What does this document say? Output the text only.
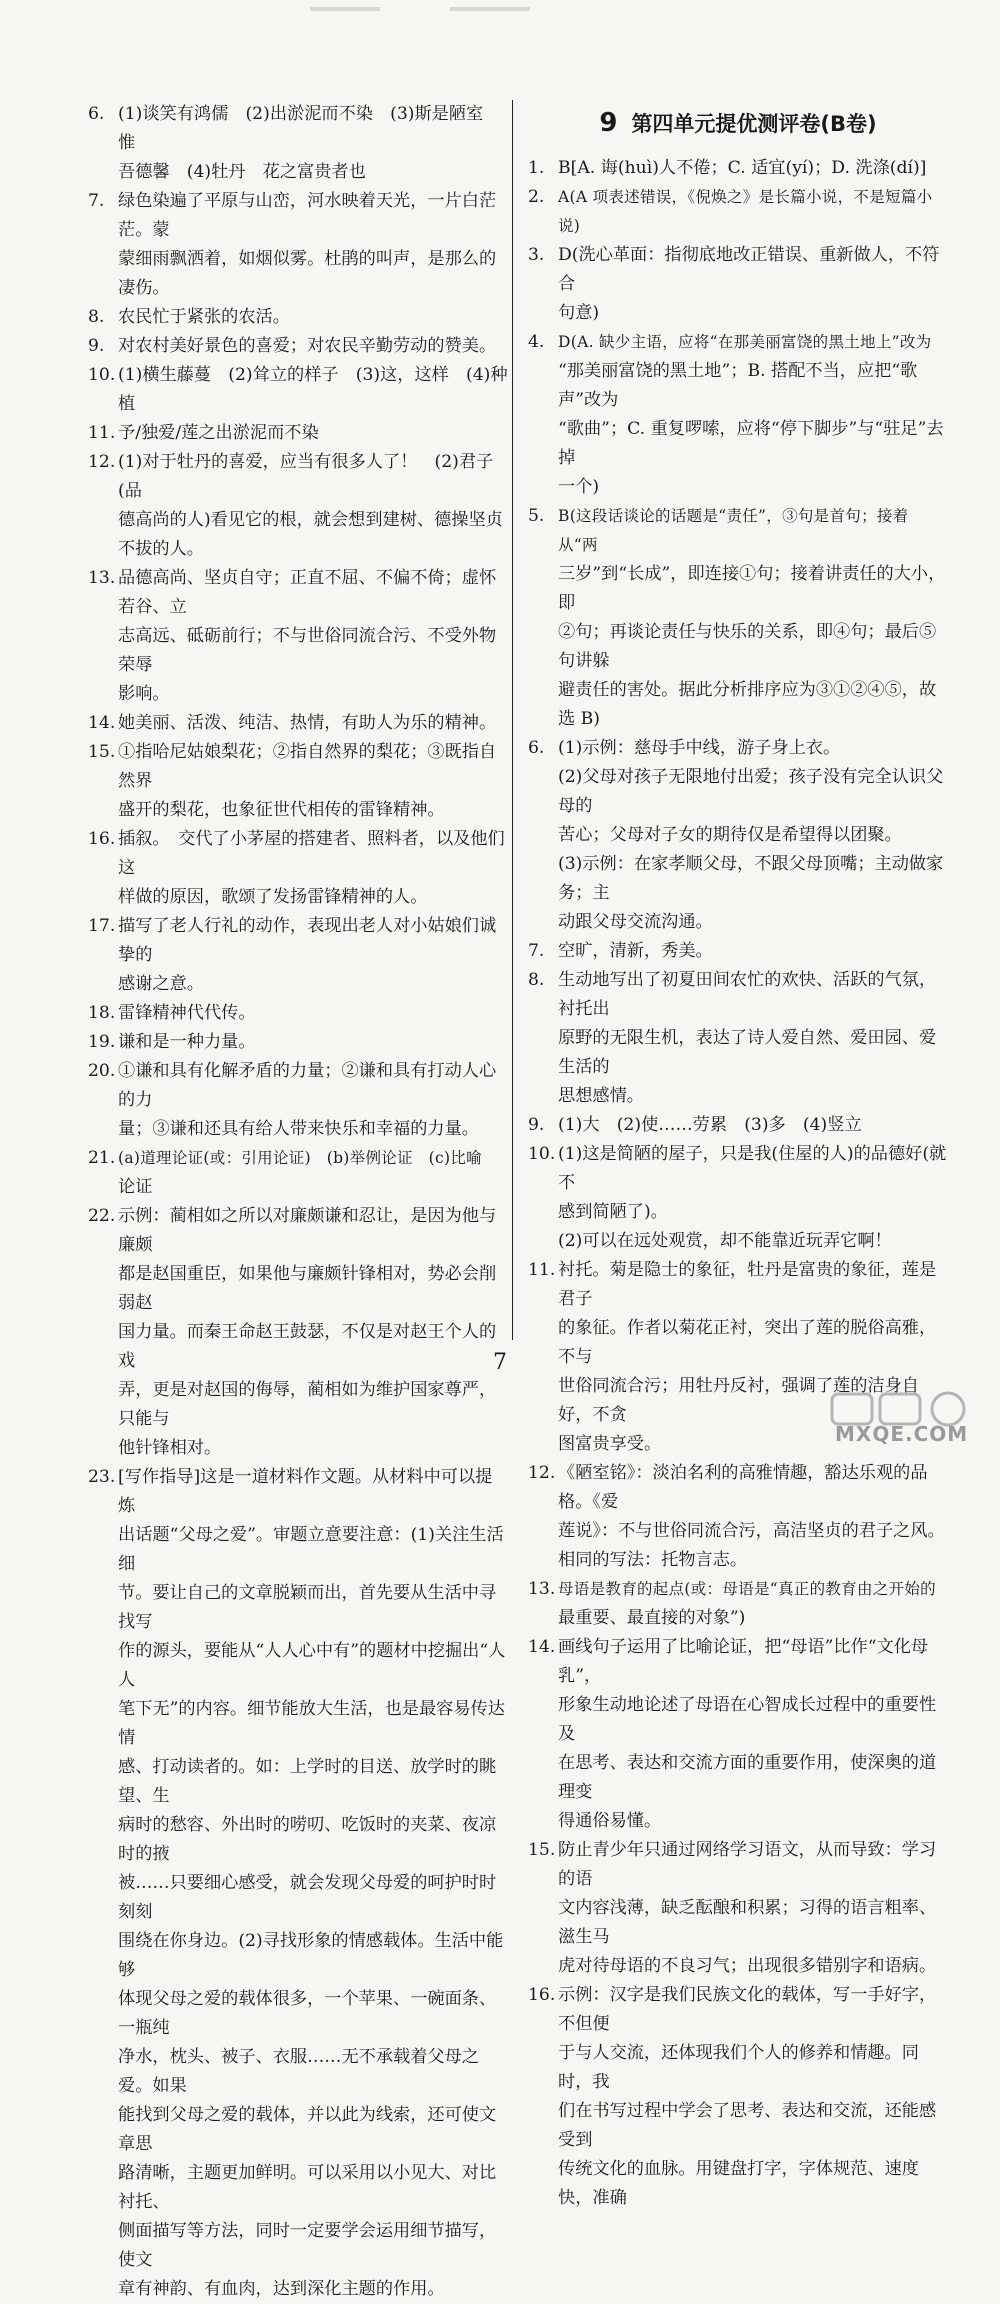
6. (1)谈笑有鸿儒　(2)出淤泥而不染　(3)斯是陋室　惟

吾德馨　(4)牡丹　花之富贵者也

7. 绿色染遍了平原与山峦，河水映着天光，一片白茫茫。蒙

蒙细雨飘洒着，如烟似雾。杜鹃的叫声，是那么的凄伤。

8. 农民忙于紧张的农活。

9. 对农村美好景色的喜爱；对农民辛勤劳动的赞美。

10. (1)横生藤蔓　(2)耸立的样子　(3)这，这样　(4)种植

11. 予/独爱/莲之出淤泥而不染

12. (1)对于牡丹的喜爱，应当有很多人了！　(2)君子(品

德高尚的人)看见它的根，就会想到建树、德操坚贞

不拔的人。

13. 品德高尚、坚贞自守；正直不屈、不偏不倚；虚怀若谷、立

志高远、砥砺前行；不与世俗同流合污、不受外物荣辱

影响。

14. 她美丽、活泼、纯洁、热情，有助人为乐的精神。

15. ①指哈尼姑娘梨花；②指自然界的梨花；③既指自然界

盛开的梨花，也象征世代相传的雷锋精神。

16. 插叙。　交代了小茅屋的搭建者、照料者，以及他们这

样做的原因，歌颂了发扬雷锋精神的人。

17. 描写了老人行礼的动作，表现出老人对小姑娘们诚挚的

感谢之意。

18. 雷锋精神代代传。

19. 谦和是一种力量。

20. ①谦和具有化解矛盾的力量；②谦和具有打动人心的力

量；③谦和还具有给人带来快乐和幸福的力量。

21. (a)道理论证(或：引用论证)　(b)举例论证　(c)比喻

论证

22. 示例：蔺相如之所以对廉颇谦和忍让，是因为他与廉颇

都是赵国重臣，如果他与廉颇针锋相对，势必会削弱赵

国力量。而秦王命赵王鼓瑟，不仅是对赵王个人的戏

弄，更是对赵国的侮辱，蔺相如为维护国家尊严，只能与

他针锋相对。

23. [写作指导]这是一道材料作文题。从材料中可以提炼

出话题“父母之爱”。审题立意要注意：(1)关注生活细

节。要让自己的文章脱颖而出，首先要从生活中寻找写

作的源头，要能从“人人心中有”的题材中挖掘出“人人

笔下无”的内容。细节能放大生活，也是最容易传达情

感、打动读者的。如：上学时的目送、放学时的眺望、生

病时的愁容、外出时的唠叨、吃饭时的夹菜、夜凉时的掖

被……只要细心感受，就会发现父母爱的呵护时时刻刻

围绕在你身边。(2)寻找形象的情感载体。生活中能够

体现父母之爱的载体很多，一个苹果、一碗面条、一瓶纯

净水，枕头、被子、衣服……无不承载着父母之爱。如果

能找到父母之爱的载体，并以此为线索，还可使文章思

路清晰，主题更加鲜明。可以采用以小见大、对比衬托、

侧面描写等方法，同时一定要学会运用细节描写，使文

章有神韵、有血肉，达到深化主题的作用。

9 第四单元提优测评卷(B卷)
1. B[A. 诲(huì)人不倦；C. 适宜(yí)；D. 洗涤(dí)]

2. A(A 项表述错误，《倪焕之》是长篇小说，不是短篇小说)

3. D(洗心革面：指彻底地改正错误、重新做人，不符合

句意)

4. D(A. 缺少主语，应将“在那美丽富饶的黑土地上”改为

“那美丽富饶的黑土地”；B. 搭配不当，应把“歌声”改为

“歌曲”；C. 重复啰嗦，应将“停下脚步”与“驻足”去掉

一个)

5. B(这段话谈论的话题是“责任”，③句是首句；接着从“两

三岁”到“长成”，即连接①句；接着讲责任的大小，即

②句；再谈论责任与快乐的关系，即④句；最后⑤句讲躲

避责任的害处。据此分析排序应为③①②④⑤，故选 B)

6. (1)示例：慈母手中线，游子身上衣。

(2)父母对孩子无限地付出爱；孩子没有完全认识父母的

苦心；父母对子女的期待仅是希望得以团聚。

(3)示例：在家孝顺父母，不跟父母顶嘴；主动做家务；主

动跟父母交流沟通。

7. 空旷，清新，秀美。

8. 生动地写出了初夏田间农忙的欢快、活跃的气氛，衬托出

原野的无限生机，表达了诗人爱自然、爱田园、爱生活的

思想感情。

9. (1)大　(2)使……劳累　(3)多　(4)竖立

10. (1)这是简陋的屋子，只是我(住屋的人)的品德好(就不

感到简陋了)。

(2)可以在远处观赏，却不能靠近玩弄它啊！

11. 衬托。菊是隐士的象征，牡丹是富贵的象征，莲是君子

的象征。作者以菊花正衬，突出了莲的脱俗高雅，不与

世俗同流合污；用牡丹反衬，强调了莲的洁身自好，不贪

图富贵享受。

12. 《陋室铭》：淡泊名利的高雅情趣，豁达乐观的品格。《爱

莲说》：不与世俗同流合污，高洁坚贞的君子之风。

相同的写法：托物言志。

13. 母语是教育的起点(或：母语是“真正的教育由之开始的

最重要、最直接的对象”)

14. 画线句子运用了比喻论证，把“母语”比作“文化母乳”，

形象生动地论述了母语在心智成长过程中的重要性及

在思考、表达和交流方面的重要作用，使深奥的道理变

得通俗易懂。

15. 防止青少年只通过网络学习语文，从而导致：学习的语

文内容浅薄，缺乏酝酿和积累；习得的语言粗率、滋生马

虎对待母语的不良习气；出现很多错别字和语病。

16. 示例：汉字是我们民族文化的载体，写一手好字，不但便

于与人交流，还体现我们个人的修养和情趣。同时，我

们在书写过程中学会了思考、表达和交流，还能感受到

传统文化的血脉。用键盘打字，字体规范、速度快，准确

7
MXQE.COM
